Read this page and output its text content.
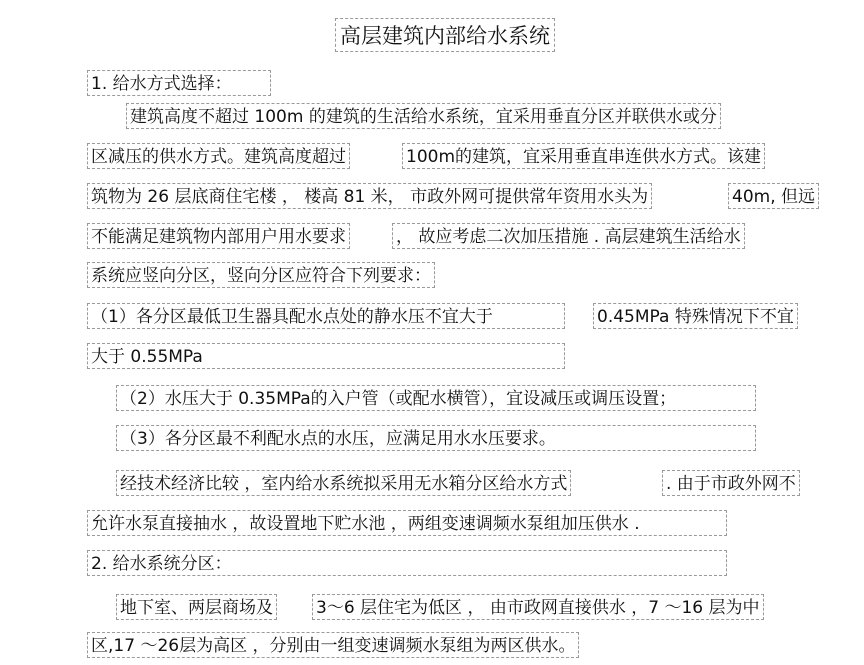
高层建筑内部给水系统
1. 给水方式选择：
建筑高度不超过 100m 的建筑的生活给水系统，宜采用垂直分区并联供水或分
区减压的供水方式。建筑高度超过	100m的建筑，宜采用垂直串连供水方式。该建
筑物为 26 层底商住宅楼 ， 楼高 81 米， 市政外网可提供常年资用水头为	40m, 但远
不能满足建筑物内部用户用水要求	， 故应考虑二次加压措施 . 高层建筑生活给水
系统应竖向分区，竖向分区应符合下列要求：
（1）各分区最低卫生器具配水点处的静水压不宜大于	0.45MPa 特殊情况下不宜
大于 0.55MPa
（2）水压大于 0.35MPa的入户管（或配水横管），宜设减压或调压设置；
（3）各分区最不利配水点的水压，应满足用水水压要求。
经技术经济比较 ，室内给水系统拟采用无水箱分区给水方式	. 由于市政外网不
允许水泵直接抽水 ，故设置地下贮水池 ，两组变速调频水泵组加压供水 .
2. 给水系统分区：
地下室、两层商场及	3～6 层住宅为低区 ， 由市政网直接供水 ，7 ～16 层为中
区,17 ～26层为高区 ，分别由一组变速调频水泵组为两区供水。
